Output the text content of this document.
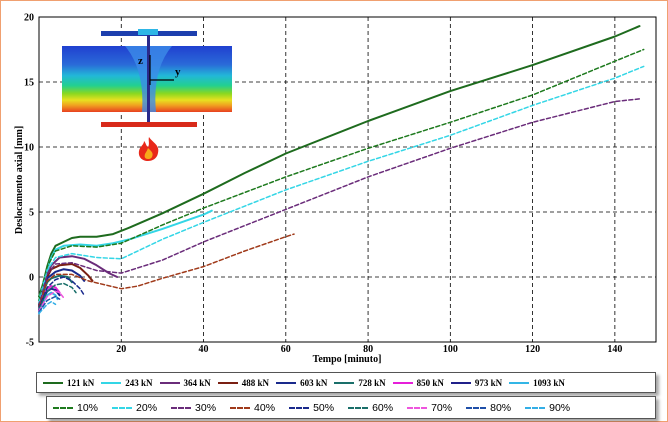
20	40	60	80	100	120	140
-5
0
5
10
15
20
z
y
Deslocamento axial [mm]
Tempo [minuto]
121 kN	243 kN	364 kN	488 kN	603 kN	728 kN	850 kN	973 kN	1093 kN
10%	20%	30%	40%	50%	60%	70%	80%	90%
